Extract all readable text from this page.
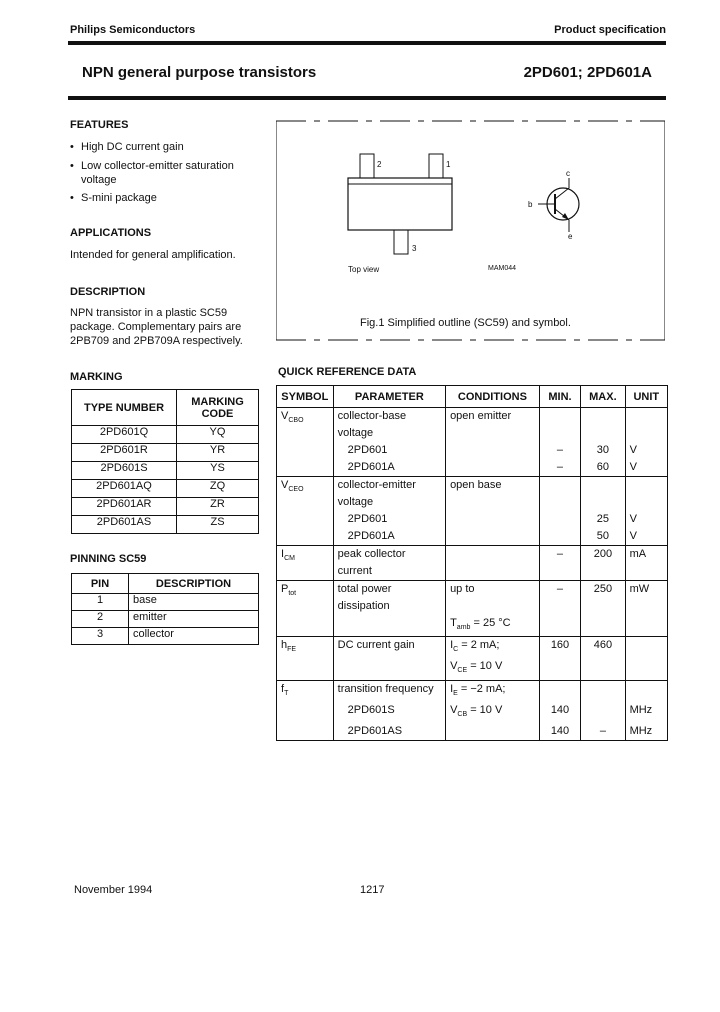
Philips Semiconductors	Product specification
NPN general purpose transistors	2PD601; 2PD601A
FEATURES
• High DC current gain
• Low collector-emitter saturation voltage
• S-mini package
APPLICATIONS
Intended for general amplification.
DESCRIPTION
NPN transistor in a plastic SC59 package. Complementary pairs are 2PB709 and 2PB709A respectively.
2	1
3
c
b
e
Top view	MAM044
Fig.1 Simplified outline (SC59) and symbol.
MARKING
TYPE NUMBER	MARKING CODE
2PD601Q	YQ
2PD601R	YR
2PD601S	YS
2PD601AQ	ZQ
2PD601AR	ZR
2PD601AS	ZS
PINNING SC59
PIN	DESCRIPTION
1	base
2	emitter
3	collector
QUICK REFERENCE DATA
SYMBOL	PARAMETER	CONDITIONS	MIN.	MAX.	UNIT
$V_{CBO}$	collector-base voltage	open emitter			
	2PD601		–	30	V
	2PD601A		–	60	V
$V_{CEO}$	collector-emitter voltage	open base			
	2PD601			25	V
	2PD601A			50	V
$I_{CM}$	peak collector current		–	200	mA
$P_{tot}$	total power dissipation	up to	–	250	mW
		$T_{amb} = 25$ °C			
$h_{FE}$	DC current gain	$I_C = 2$ mA;	160	460	
		$V_{CE} = 10$ V			
$f_T$	transition frequency	$I_E = -2$ mA;			
	2PD601S	$V_{CB} = 10$ V	140		MHz
	2PD601AS		140	–	MHz
November 1994	1217
